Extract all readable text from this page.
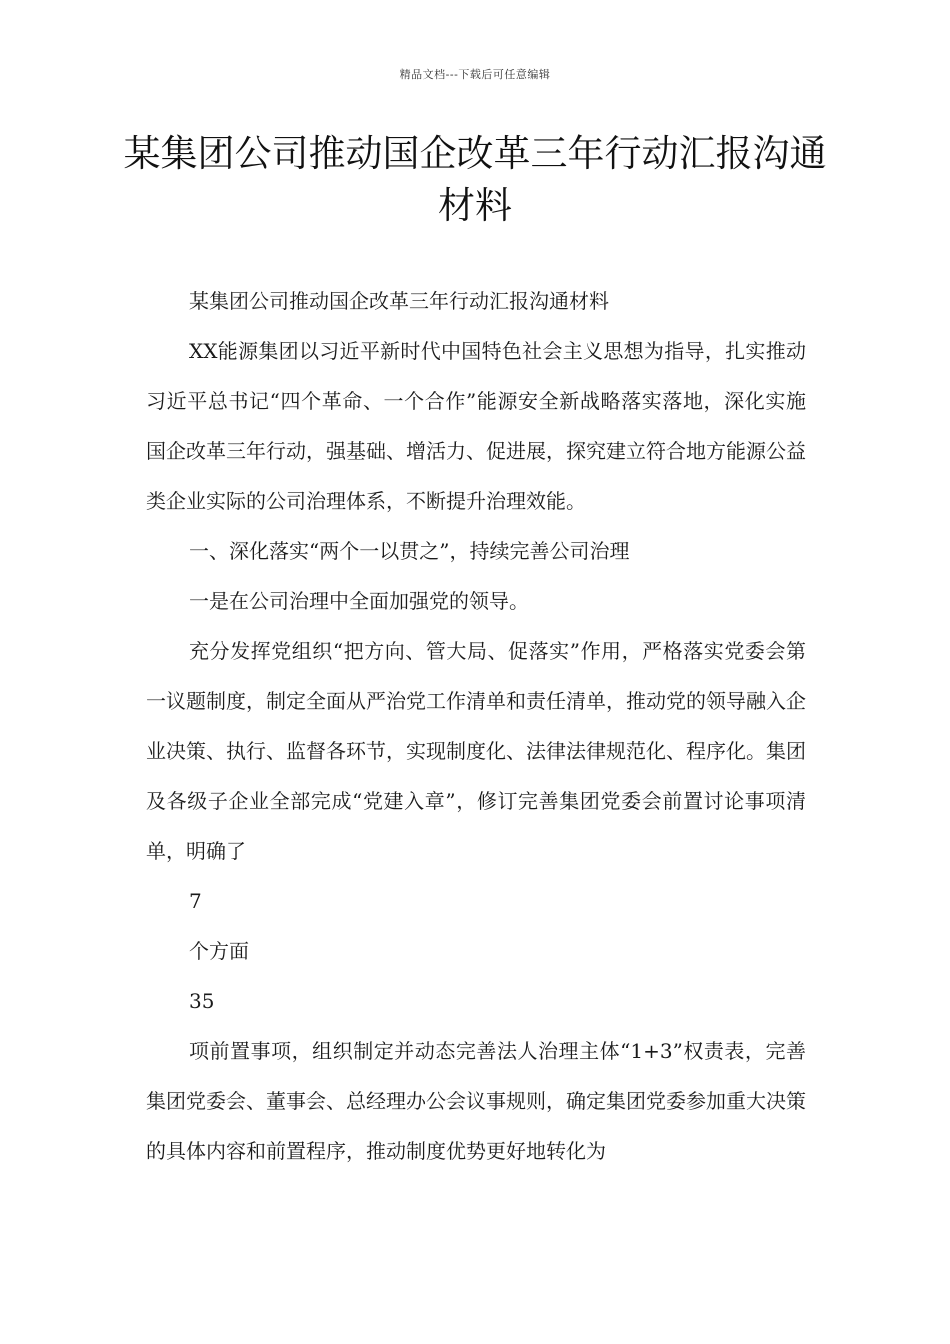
精品文档---下载后可任意编辑
某集团公司推动国企改革三年行动汇报沟通材料

某集团公司推动国企改革三年行动汇报沟通材料

XX能源集团以习近平新时代中国特色社会主义思想为指导，扎实推动习近平总书记“四个革命、一个合作”能源安全新战略落实落地，深化实施国企改革三年行动，强基础、增活力、促进展，探究建立符合地方能源公益类企业实际的公司治理体系，不断提升治理效能。

一、深化落实“两个一以贯之”，持续完善公司治理

一是在公司治理中全面加强党的领导。

充分发挥党组织“把方向、管大局、促落实”作用，严格落实党委会第一议题制度，制定全面从严治党工作清单和责任清单，推动党的领导融入企业决策、执行、监督各环节，实现制度化、法律法律规范化、程序化。集团及各级子企业全部完成“党建入章”，修订完善集团党委会前置讨论事项清单，明确了

7

个方面

35

项前置事项，组织制定并动态完善法人治理主体“1+3”权责表，完善集团党委会、董事会、总经理办公会议事规则，确定集团党委参加重大决策的具体内容和前置程序，推动制度优势更好地转化为
